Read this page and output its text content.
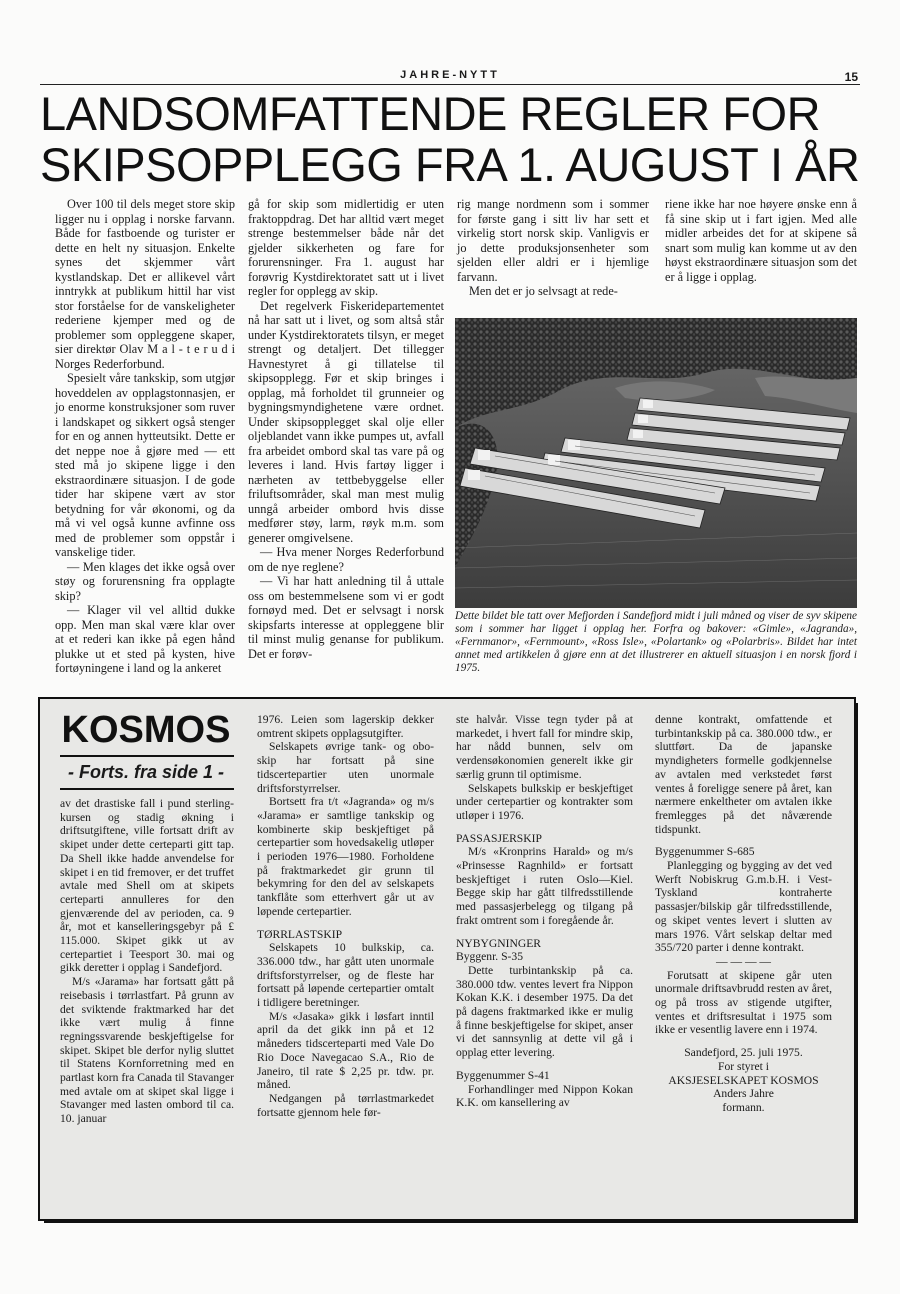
JAHRE-NYTT	15
LANDSOMFATTENDE REGLER FOR
SKIPSOPPLEGG FRA 1. AUGUST I ÅR

Over 100 til dels meget store skip ligger nu i opplag i norske farvann. Både for fastboende og turister er dette en helt ny situasjon. Enkelte synes det skjemmer vårt kystlandskap. Det er allikevel vårt inntrykk at publikum hittil har vist stor forståelse for de vanskeligheter rederiene kjemper med og de problemer som oppleggene skaper, sier direktør Olav M a l - t e r u d i Norges Rederforbund.

Spesielt våre tankskip, som utgjør hoveddelen av opplagstonnasjen, er jo enorme konstruksjoner som ruver i landskapet og sikkert også stenger for en og annen hytteutsikt. Dette er det neppe noe å gjøre med — ett sted må jo skipene ligge i den ekstraordinære situasjon. I de gode tider har skipene vært av stor betydning for vår økonomi, og da må vi vel også kunne avfinne oss med de problemer som oppstår i vanskelige tider.

— Men klages det ikke også over støy og forurensning fra opplagte skip?

— Klager vil vel alltid dukke opp. Men man skal være klar over at et rederi kan ikke på egen hånd plukke ut et sted på kysten, hive fortøyningene i land og la ankeret

gå for skip som midlertidig er uten fraktoppdrag. Det har alltid vært meget strenge bestemmelser både når det gjelder sikkerheten og fare for forurensninger. Fra 1. august har forøvrig Kystdirektoratet satt ut i livet regler for opplegg av skip.

Det regelverk Fiskeridepartementet nå har satt ut i livet, og som altså står under Kystdirektoratets tilsyn, er meget strengt og detaljert. Det tillegger Havnestyret å gi tillatelse til skipsopplegg. Før et skip bringes i opplag, må forholdet til grunneier og bygningsmyndighetene være ordnet. Under skipsopplegget skal olje eller oljeblandet vann ikke pumpes ut, avfall fra arbeidet ombord skal tas vare på og leveres i land. Hvis fartøy ligger i nærheten av tettbebyggelse eller friluftsområder, skal man mest mulig unngå arbeider ombord hvis disse medfører støy, larm, røyk m.m. som generer omgivelsene.

— Hva mener Norges Rederforbund om de nye reglene?

— Vi har hatt anledning til å uttale oss om bestemmelsene som vi er godt fornøyd med. Det er selvsagt i norsk skipsfarts interesse at oppleggene blir til minst mulig genanse for publikum. Det er forøv-

rig mange nordmenn som i sommer for første gang i sitt liv har sett et virkelig stort norsk skip. Vanligvis er jo dette produksjonsenheter som sjelden eller aldri er i hjemlige farvann.

Men det er jo selvsagt at rede-

riene ikke har noe høyere ønske enn å få sine skip ut i fart igjen. Med alle midler arbeides det for at skipene så snart som mulig kan komme ut av den høyst ekstraordinære situasjon som det er å ligge i opplag.

Dette bildet ble tatt over Mefjorden i Sandefjord midt i juli måned og viser de syv skipene som i sommer har ligget i opplag her. Forfra og bakover: «Gimle», «Jagranda», «Fernmanor», «Fernmount», «Ross Isle», «Polartank» og «Polarbris». Bildet har intet annet med artikkelen å gjøre enn at det illustrerer en aktuell situasjon i en norsk fjord i 1975.
KOSMOS
- Forts. fra side 1 -

av det drastiske fall i pund sterling-kursen og stadig økning i driftsutgiftene, ville fortsatt drift av skipet under dette certeparti gitt tap. Da Shell ikke hadde anvendelse for skipet i en tid fremover, er det truffet avtale med Shell om at skipets certeparti annulleres for den gjenværende del av perioden, ca. 9 år, mot et kanselleringsgebyr på £ 115.000. Skipet gikk ut av certepartiet i Teesport 30. mai og gikk deretter i opplag i Sandefjord.

M/s «Jarama» har fortsatt gått på reisebasis i tørrlastfart. På grunn av det sviktende fraktmarked har det ikke vært mulig å finne regningssvarende beskjeftigelse for skipet. Skipet ble derfor nylig sluttet til Statens Kornforretning med en partlast korn fra Canada til Stavanger med avtale om at skipet skal ligge i Stavanger med lasten ombord til ca. 10. januar

1976. Leien som lagerskip dekker omtrent skipets opplagsutgifter.

Selskapets øvrige tank- og obo-skip har fortsatt på sine tidscertepartier uten unormale driftsforstyrrelser.

Bortsett fra t/t «Jagranda» og m/s «Jarama» er samtlige tankskip og kombinerte skip beskjeftiget på certepartier som hovedsakelig utløper i perioden 1976—1980. Forholdene på fraktmarkedet gir grunn til bekymring for den del av selskapets tankflåte som etterhvert går ut av løpende certepartier.

TØRRLASTSKIP

Selskapets 10 bulkskip, ca. 336.000 tdw., har gått uten unormale driftsforstyrrelser, og de fleste har fortsatt på løpende certepartier omtalt i tidligere beretninger.

M/s «Jasaka» gikk i løsfart inntil april da det gikk inn på et 12 måneders tidscerteparti med Vale Do Rio Doce Navegacao S.A., Rio de Janeiro, til rate $ 2,25 pr. tdw. pr. måned.

Nedgangen på tørrlastmarkedet fortsatte gjennom hele før-

ste halvår. Visse tegn tyder på at markedet, i hvert fall for mindre skip, har nådd bunnen, selv om verdensøkonomien generelt ikke gir særlig grunn til optimisme.

Selskapets bulkskip er beskjeftiget under certepartier og kontrakter som utløper i 1976.

PASSASJERSKIP

M/s «Kronprins Harald» og m/s «Prinsesse Ragnhild» er fortsatt beskjeftiget i ruten Oslo—Kiel. Begge skip har gått tilfredsstillende med passasjerbelegg og tilgang på frakt omtrent som i foregående år.

NYBYGNINGER

Byggenr. S-35

Dette turbintankskip på ca. 380.000 tdw. ventes levert fra Nippon Kokan K.K. i desember 1975. Da det på dagens fraktmarked ikke er mulig å finne beskjeftigelse for skipet, anser vi det sannsynlig at dette vil gå i opplag etter levering.

Byggenummer S-41

Forhandlinger med Nippon Kokan K.K. om kansellering av

denne kontrakt, omfattende et turbintankskip på ca. 380.000 tdw., er sluttført. Da de japanske myndigheters formelle godkjennelse av avtalen med verkstedet først ventes å foreligge senere på året, kan nærmere enkeltheter om avtalen ikke fremlegges på det nåværende tidspunkt.

Byggenummer S-685

Planlegging og bygging av det ved Werft Nobiskrug G.m.b.H. i Vest-Tyskland kontraherte passasjer/bilskip går tilfredsstillende, og skipet ventes levert i slutten av mars 1976. Vårt selskap deltar med 355/720 parter i denne kontrakt.

— — — —

Forutsatt at skipene går uten unormale driftsavbrudd resten av året, og på tross av stigende utgifter, ventes et driftsresultat i 1975 som ikke er vesentlig lavere enn i 1974.

Sandefjord, 25. juli 1975.

For styret i

AKSJESELSKAPET KOSMOS

Anders Jahre

formann.
